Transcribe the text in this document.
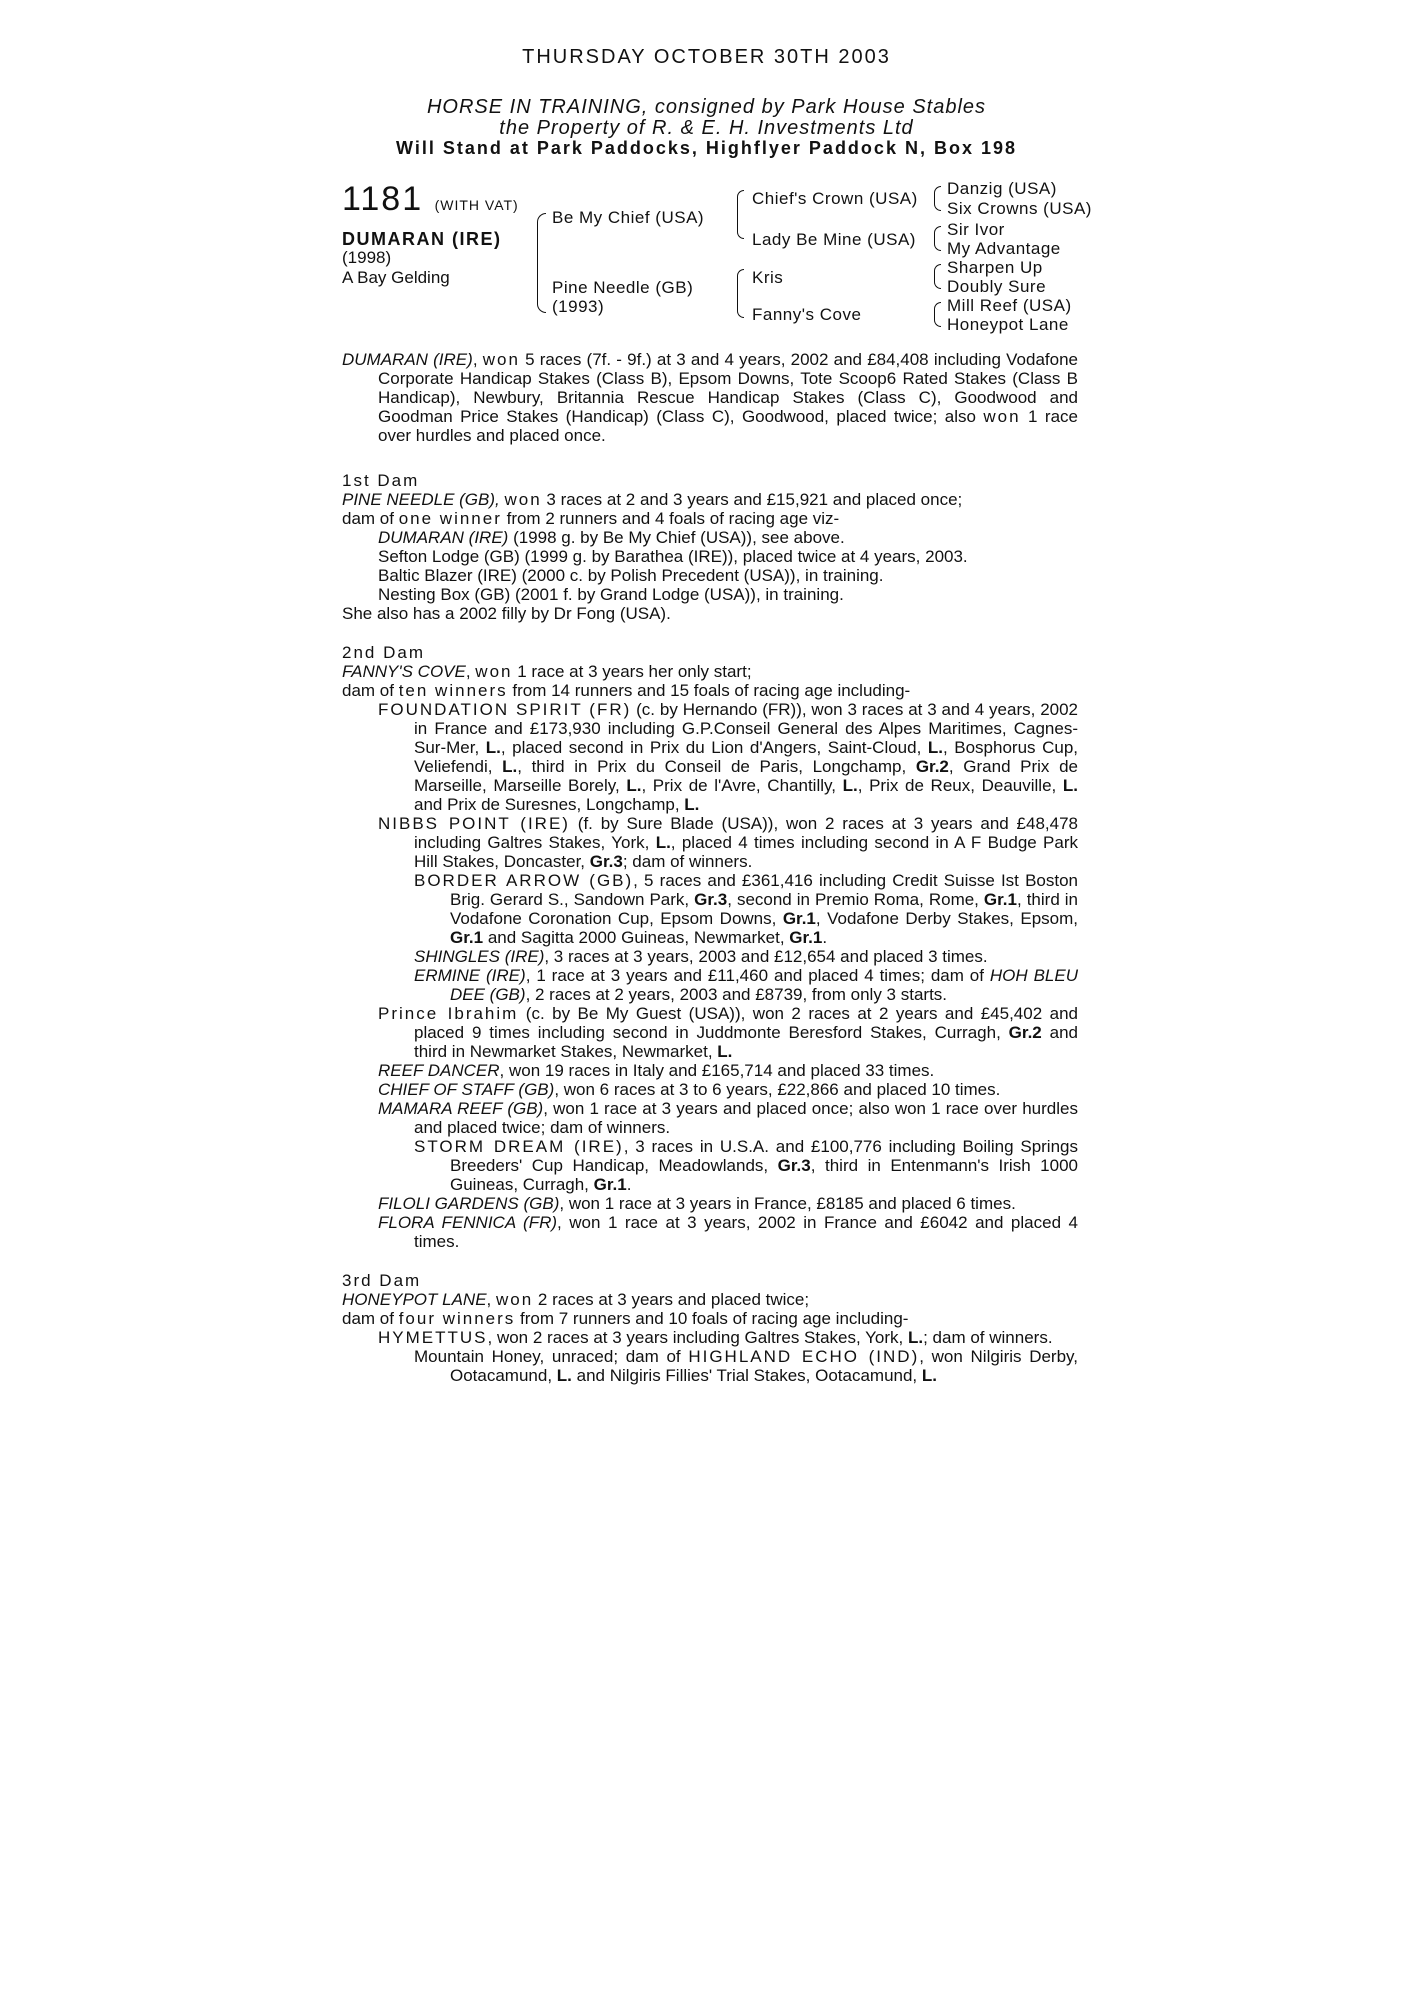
THURSDAY OCTOBER 30TH 2003
HORSE IN TRAINING, consigned by Park House Stables
the Property of R. & E. H. Investments Ltd
Will Stand at Park Paddocks, Highflyer Paddock N, Box 198
1181 (WITH VAT)
DUMARAN (IRE)
(1998)
A Bay Gelding
Be My Chief (USA)
Pine Needle (GB)
(1993)
Chief's Crown (USA)
Lady Be Mine (USA)
Kris
Fanny's Cove
Danzig (USA)
Six Crowns (USA)
Sir Ivor
My Advantage
Sharpen Up
Doubly Sure
Mill Reef (USA)
Honeypot Lane

DUMARAN (IRE), won 5 races (7f. - 9f.) at 3 and 4 years, 2002 and £84,408 including Vodafone Corporate Handicap Stakes (Class B), Epsom Downs, Tote Scoop6 Rated Stakes (Class B Handicap), Newbury, Britannia Rescue Handicap Stakes (Class C), Goodwood and Goodman Price Stakes (Handicap) (Class C), Goodwood, placed twice; also won 1 race over hurdles and placed once.

1st Dam

PINE NEEDLE (GB), won 3 races at 2 and 3 years and £15,921 and placed once;

dam of one winner from 2 runners and 4 foals of racing age viz-

DUMARAN (IRE) (1998 g. by Be My Chief (USA)), see above.

Sefton Lodge (GB) (1999 g. by Barathea (IRE)), placed twice at 4 years, 2003.

Baltic Blazer (IRE) (2000 c. by Polish Precedent (USA)), in training.

Nesting Box (GB) (2001 f. by Grand Lodge (USA)), in training.

She also has a 2002 filly by Dr Fong (USA).

2nd Dam

FANNY'S COVE, won 1 race at 3 years her only start;

dam of ten winners from 14 runners and 15 foals of racing age including-

FOUNDATION SPIRIT (FR) (c. by Hernando (FR)), won 3 races at 3 and 4 years, 2002 in France and £173,930 including G.P.Conseil General des Alpes Maritimes, Cagnes-Sur-Mer, L., placed second in Prix du Lion d'Angers, Saint-Cloud, L., Bosphorus Cup, Veliefendi, L., third in Prix du Conseil de Paris, Longchamp, Gr.2, Grand Prix de Marseille, Marseille Borely, L., Prix de l'Avre, Chantilly, L., Prix de Reux, Deauville, L. and Prix de Suresnes, Longchamp, L.

NIBBS POINT (IRE) (f. by Sure Blade (USA)), won 2 races at 3 years and £48,478 including Galtres Stakes, York, L., placed 4 times including second in A F Budge Park Hill Stakes, Doncaster, Gr.3; dam of winners.

BORDER ARROW (GB), 5 races and £361,416 including Credit Suisse Ist Boston Brig. Gerard S., Sandown Park, Gr.3, second in Premio Roma, Rome, Gr.1, third in Vodafone Coronation Cup, Epsom Downs, Gr.1, Vodafone Derby Stakes, Epsom, Gr.1 and Sagitta 2000 Guineas, Newmarket, Gr.1.

SHINGLES (IRE), 3 races at 3 years, 2003 and £12,654 and placed 3 times.

ERMINE (IRE), 1 race at 3 years and £11,460 and placed 4 times; dam of HOH BLEU DEE (GB), 2 races at 2 years, 2003 and £8739, from only 3 starts.

Prince Ibrahim (c. by Be My Guest (USA)), won 2 races at 2 years and £45,402 and placed 9 times including second in Juddmonte Beresford Stakes, Curragh, Gr.2 and third in Newmarket Stakes, Newmarket, L.

REEF DANCER, won 19 races in Italy and £165,714 and placed 33 times.

CHIEF OF STAFF (GB), won 6 races at 3 to 6 years, £22,866 and placed 10 times.

MAMARA REEF (GB), won 1 race at 3 years and placed once; also won 1 race over hurdles and placed twice; dam of winners.

STORM DREAM (IRE), 3 races in U.S.A. and £100,776 including Boiling Springs Breeders' Cup Handicap, Meadowlands, Gr.3, third in Entenmann's Irish 1000 Guineas, Curragh, Gr.1.

FILOLI GARDENS (GB), won 1 race at 3 years in France, £8185 and placed 6 times.

FLORA FENNICA (FR), won 1 race at 3 years, 2002 in France and £6042 and placed 4 times.

3rd Dam

HONEYPOT LANE, won 2 races at 3 years and placed twice;

dam of four winners from 7 runners and 10 foals of racing age including-

HYMETTUS, won 2 races at 3 years including Galtres Stakes, York, L.; dam of winners.

Mountain Honey, unraced; dam of HIGHLAND ECHO (IND), won Nilgiris Derby, Ootacamund, L. and Nilgiris Fillies' Trial Stakes, Ootacamund, L.
